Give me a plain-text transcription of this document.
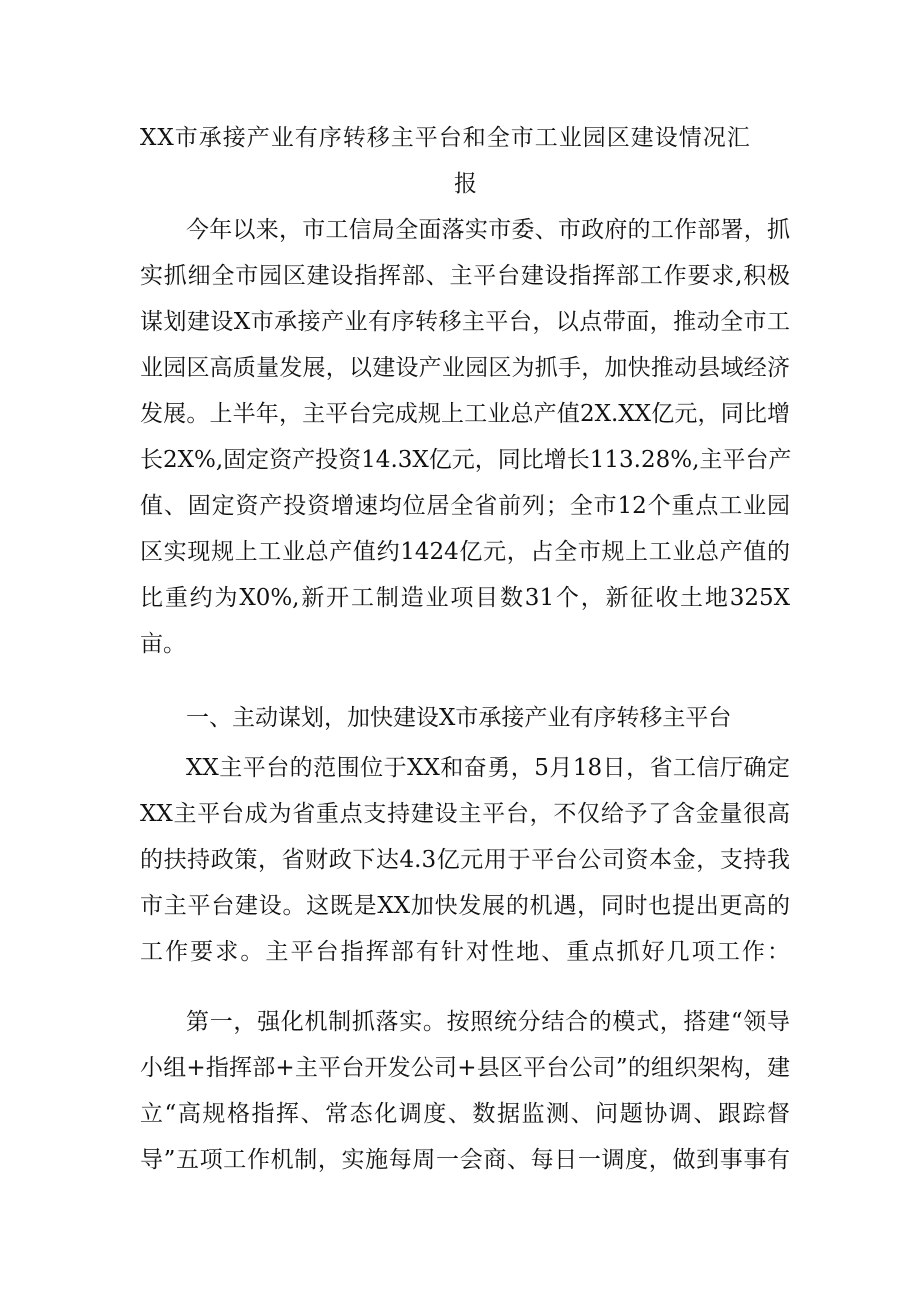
XX市承接产业有序转移主平台和全市工业园区建设情况汇
报
今年以来，市工信局全面落实市委、市政府的工作部署，抓
实抓细全市园区建设指挥部、主平台建设指挥部工作要求,积极
谋划建设X市承接产业有序转移主平台，以点带面，推动全市工
业园区高质量发展，以建设产业园区为抓手，加快推动县域经济
发展。上半年，主平台完成规上工业总产值2X.XX亿元，同比增
长2X%,固定资产投资14.3X亿元，同比增长113.28%,主平台产
值、固定资产投资增速均位居全省前列；全市12个重点工业园
区实现规上工业总产值约1424亿元，占全市规上工业总产值的
比重约为X0%,新开工制造业项目数31个，新征收土地325X
亩。
一、主动谋划，加快建设X市承接产业有序转移主平台
XX主平台的范围位于XX和奋勇，5月18日，省工信厅确定
XX主平台成为省重点支持建设主平台，不仅给予了含金量很高
的扶持政策，省财政下达4.3亿元用于平台公司资本金，支持我
市主平台建设。这既是XX加快发展的机遇，同时也提出更高的
工作要求。主平台指挥部有针对性地、重点抓好几项工作：
第一，强化机制抓落实。按照统分结合的模式，搭建“领导
小组+指挥部+主平台开发公司+县区平台公司”的组织架构，建
立“高规格指挥、常态化调度、数据监测、问题协调、跟踪督
导”五项工作机制，实施每周一会商、每日一调度，做到事事有
